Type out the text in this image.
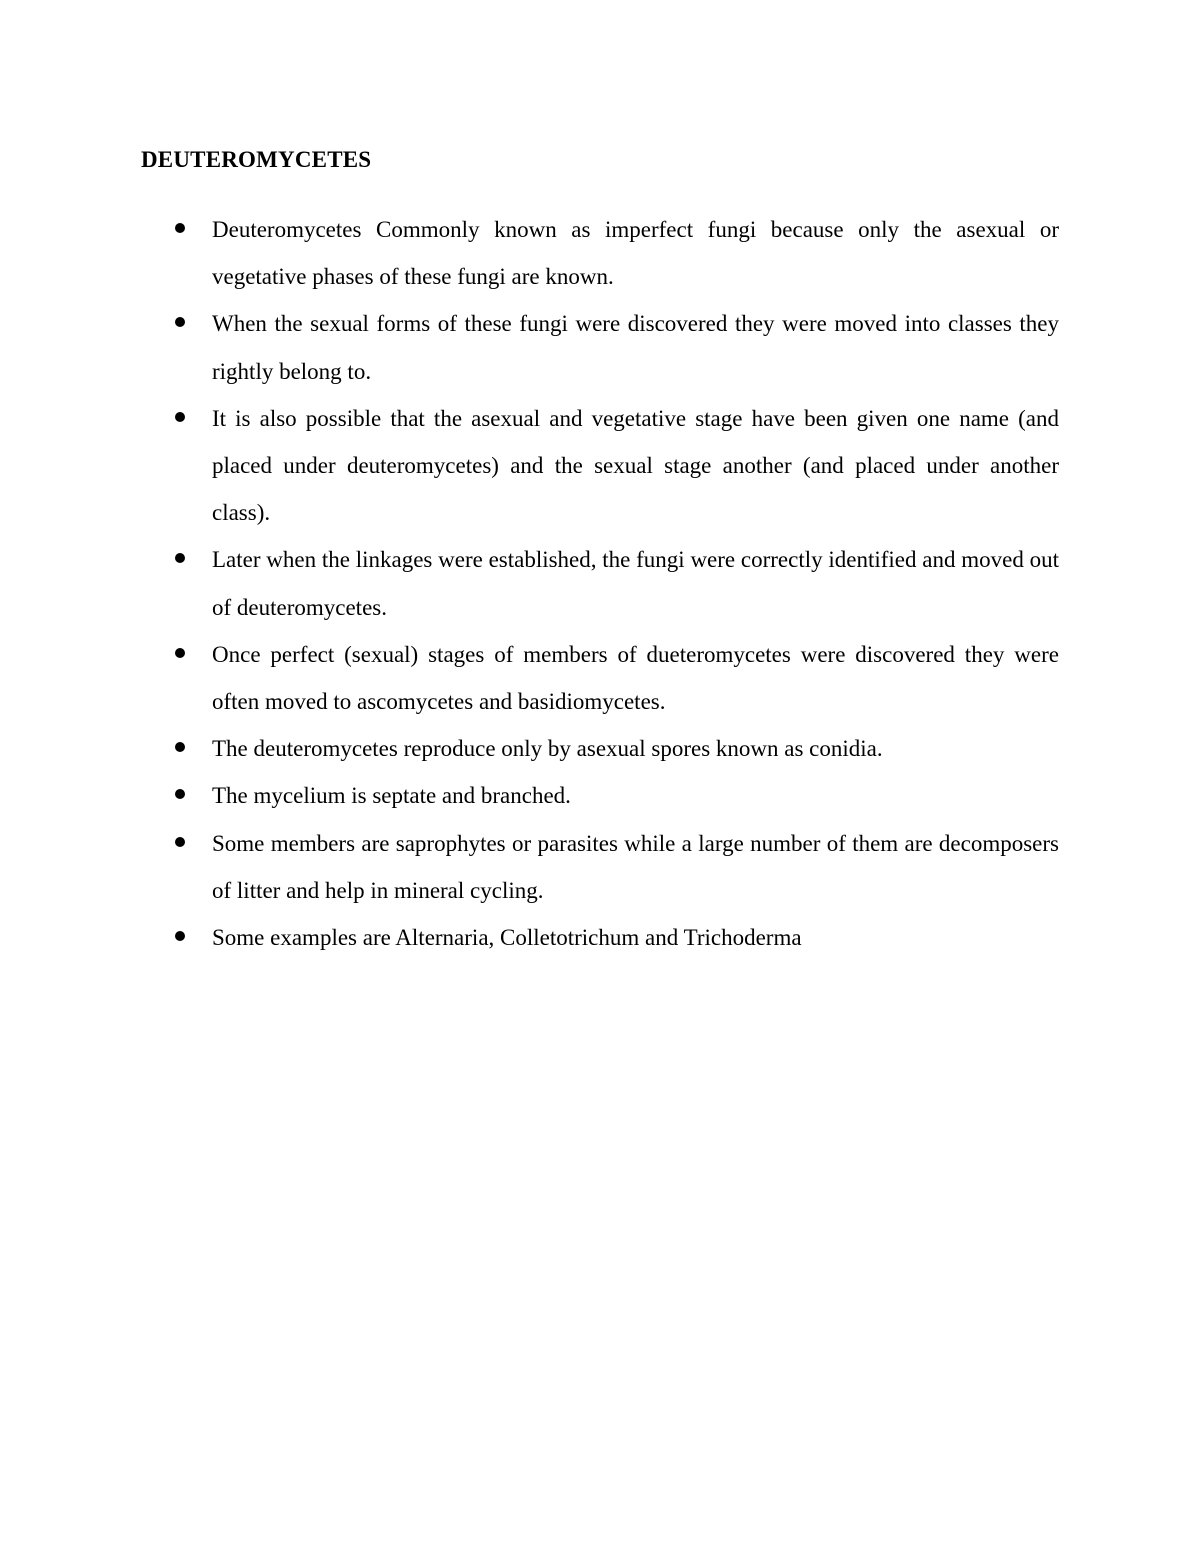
DEUTEROMYCETES
Deuteromycetes Commonly known as imperfect fungi because only the asexual or vegetative phases of these fungi are known.
When the sexual forms of these fungi were discovered they were moved into classes they rightly belong to.
It is also possible that the asexual and vegetative stage have been given one name (and placed under deuteromycetes) and the sexual stage another (and placed under another class).
Later when the linkages were established, the fungi were correctly identified and moved out of deuteromycetes.
Once perfect (sexual) stages of members of dueteromycetes were discovered they were often moved to ascomycetes and basidiomycetes.
The deuteromycetes reproduce only by asexual spores known as conidia.
The mycelium is septate and branched.
Some members are saprophytes or parasites while a large number of them are decomposers of litter and help in mineral cycling.
Some examples are Alternaria, Colletotrichum and Trichoderma
